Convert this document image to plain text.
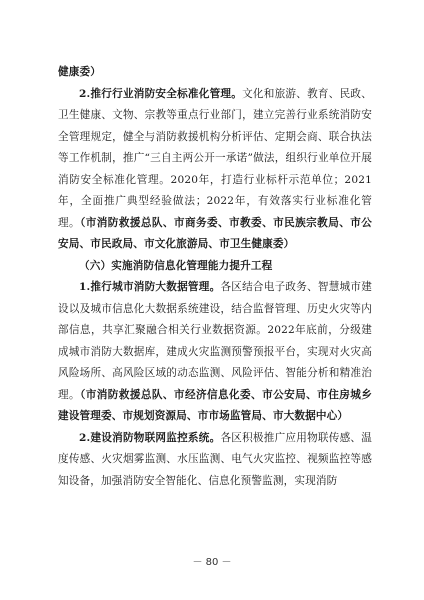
健康委）

2.推行行业消防安全标准化管理。文化和旅游、教育、民政、卫生健康、文物、宗教等重点行业部门，建立完善行业系统消防安全管理规定，健全与消防救援机构分析评估、定期会商、联合执法等工作机制，推广“三自主两公开一承诺”做法，组织行业单位开展消防安全标准化管理。2020年，打造行业标杆示范单位；2021年，全面推广典型经验做法；2022年，有效落实行业标准化管理。（市消防救援总队、市商务委、市教委、市民族宗教局、市公安局、市民政局、市文化旅游局、市卫生健康委）

（六）实施消防信息化管理能力提升工程

1.推行城市消防大数据管理。各区结合电子政务、智慧城市建设以及城市信息化大数据系统建设，结合监督管理、历史火灾等内部信息，共享汇聚融合相关行业数据资源。2022年底前，分级建成城市消防大数据库，建成火灾监测预警预报平台，实现对火灾高风险场所、高风险区域的动态监测、风险评估、智能分析和精准治理。（市消防救援总队、市经济信息化委、市公安局、市住房城乡建设管理委、市规划资源局、市市场监管局、市大数据中心）

2.建设消防物联网监控系统。各区积极推广应用物联传感、温度传感、火灾烟雾监测、水压监测、电气火灾监控、视频监控等感知设备，加强消防安全智能化、信息化预警监测，实现消防

－ 80 －
